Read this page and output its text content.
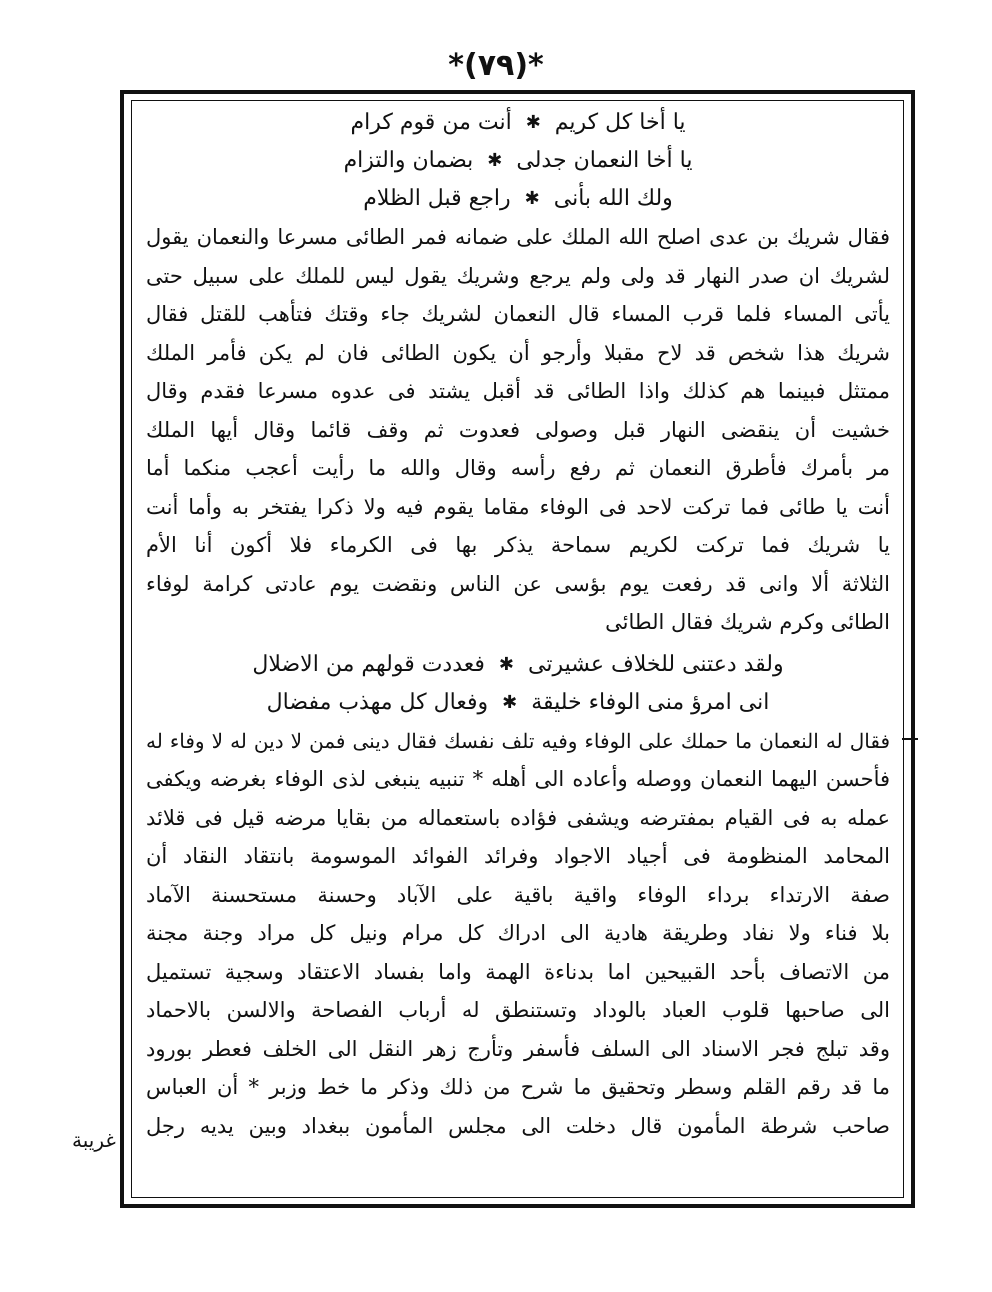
*(٧٩)*
يا أخا كل كريم
✱
أنت من قوم كرام
يا أخا النعمان جدلى
✱
بضمان والتزام
ولك الله بأنى
✱
راجع قبل الظلام
فقال شريك بن عدى اصلح الله الملك على ضمانه فمر الطائى مسرعا والنعمان يقول
لشريك ان صدر النهار قد ولى ولم يرجع وشريك يقول ليس للملك على سبيل حتى
يأتى المساء فلما قرب المساء قال النعمان لشريك جاء وقتك فتأهب للقتل فقال
شريك هذا شخص قد لاح مقبلا وأرجو أن يكون الطائى فان لم يكن فأمر الملك
ممتثل فبينما هم كذلك واذا الطائى قد أقبل يشتد فى عدوه مسرعا فقدم وقال
خشيت أن ينقضى النهار قبل وصولى فعدوت ثم وقف قائما وقال أيها الملك
مر بأمرك فأطرق النعمان ثم رفع رأسه وقال والله ما رأيت أعجب منكما أما
أنت يا طائى فما تركت لاحد فى الوفاء مقاما يقوم فيه ولا ذكرا يفتخر به وأما أنت
يا شريك فما تركت لكريم سماحة يذكر بها فى الكرماء فلا أكون أنا الأم
الثلاثة ألا وانى قد رفعت يوم بؤسى عن الناس ونقضت يوم عادتى كرامة لوفاء
الطائى وكرم شريك فقال الطائى
ولقد دعتنى للخلاف عشيرتى
✱
فعددت قولهم من الاضلال
انى امرؤ منى الوفاء خليقة
✱
وفعال كل مهذب مفضال
فقال له النعمان ما حملك على الوفاء وفيه تلف نفسك فقال دينى فمن لا دين له لا وفاء له
فأحسن اليهما النعمان ووصله وأعاده الى أهله * تنبيه ينبغى لذى الوفاء بغرضه ويكفى
عمله به فى القيام بمفترضه ويشفى فؤاده باستعماله من بقايا مرضه قيل فى قلائد
المحامد المنظومة فى أجياد الاجواد وفرائد الفوائد الموسومة بانتقاد النقاد أن
صفة الارتداء برداء الوفاء واقية باقية على الآباد وحسنة مستحسنة الآماد
بلا فناء ولا نفاد وطريقة هادية الى ادراك كل مرام ونيل كل مراد وجنة مجنة
من الاتصاف بأحد القبيحين اما بدناءة الهمة واما بفساد الاعتقاد وسجية تستميل
الى صاحبها قلوب العباد بالوداد وتستنطق له أرباب الفصاحة والالسن بالاحماد
وقد تبلج فجر الاسناد الى السلف فأسفر وتأرج زهر النقل الى الخلف فعطر بورود
ما قد رقم القلم وسطر وتحقيق ما شرح من ذلك وذكر ما خط وزبر * أن العباس
صاحب شرطة المأمون قال دخلت الى مجلس المأمون ببغداد وبين يديه رجل
غريبة
